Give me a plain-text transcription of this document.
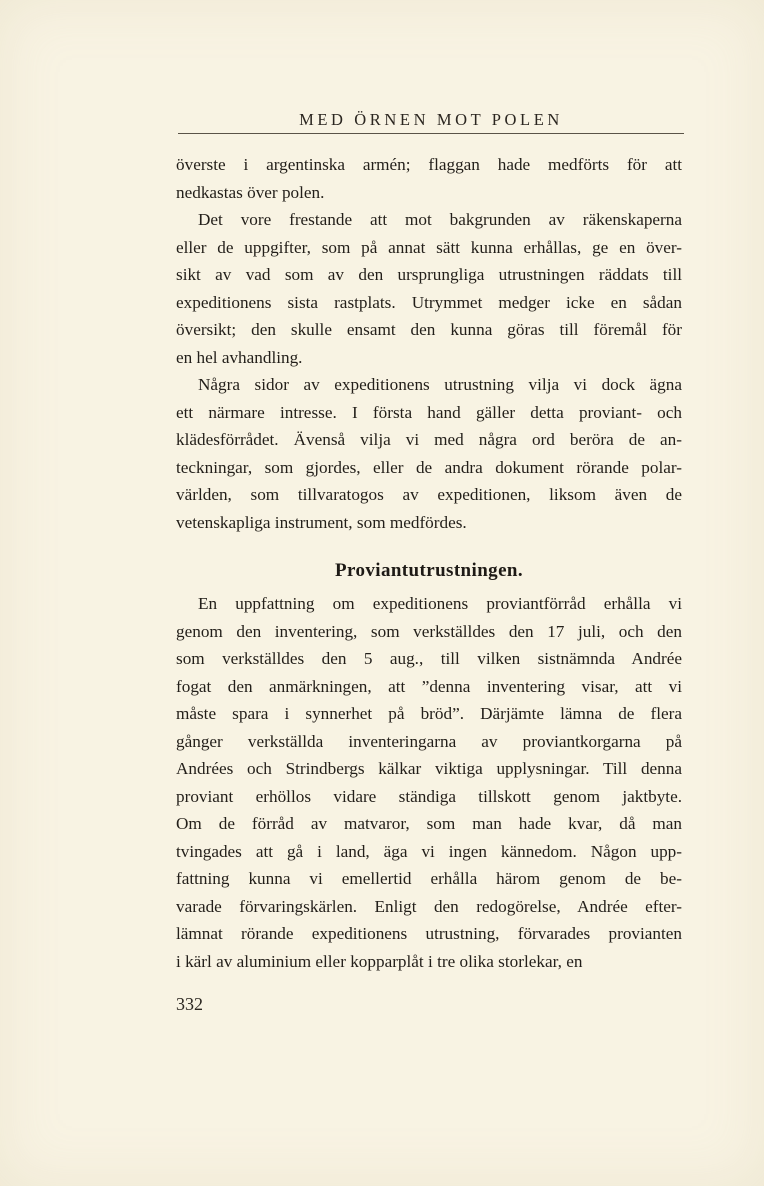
MED ÖRNEN MOT POLEN
överste i argentinska armén; flaggan hade medförts för att
nedkastas över polen.
Det vore frestande att mot bakgrunden av räkenskaperna
eller de uppgifter, som på annat sätt kunna erhållas, ge en över-
sikt av vad som av den ursprungliga utrustningen räddats till
expeditionens sista rastplats. Utrymmet medger icke en sådan
översikt; den skulle ensamt den kunna göras till föremål för
en hel avhandling.
Några sidor av expeditionens utrustning vilja vi dock ägna
ett närmare intresse. I första hand gäller detta proviant- och
klädesförrådet. Ävenså vilja vi med några ord beröra de an-
teckningar, som gjordes, eller de andra dokument rörande polar-
världen, som tillvaratogos av expeditionen, liksom även de
vetenskapliga instrument, som medfördes.
Proviantutrustningen.
En uppfattning om expeditionens proviantförråd erhålla vi
genom den inventering, som verkställdes den 17 juli, och den
som verkställdes den 5 aug., till vilken sistnämnda Andrée
fogat den anmärkningen, att ”denna inventering visar, att vi
måste spara i synnerhet på bröd”. Därjämte lämna de flera
gånger verkställda inventeringarna av proviantkorgarna på
Andrées och Strindbergs kälkar viktiga upplysningar. Till denna
proviant erhöllos vidare ständiga tillskott genom jaktbyte.
Om de förråd av matvaror, som man hade kvar, då man
tvingades att gå i land, äga vi ingen kännedom. Någon upp-
fattning kunna vi emellertid erhålla härom genom de be-
varade förvaringskärlen. Enligt den redogörelse, Andrée efter-
lämnat rörande expeditionens utrustning, förvarades provianten
i kärl av aluminium eller kopparplåt i tre olika storlekar, en
332
